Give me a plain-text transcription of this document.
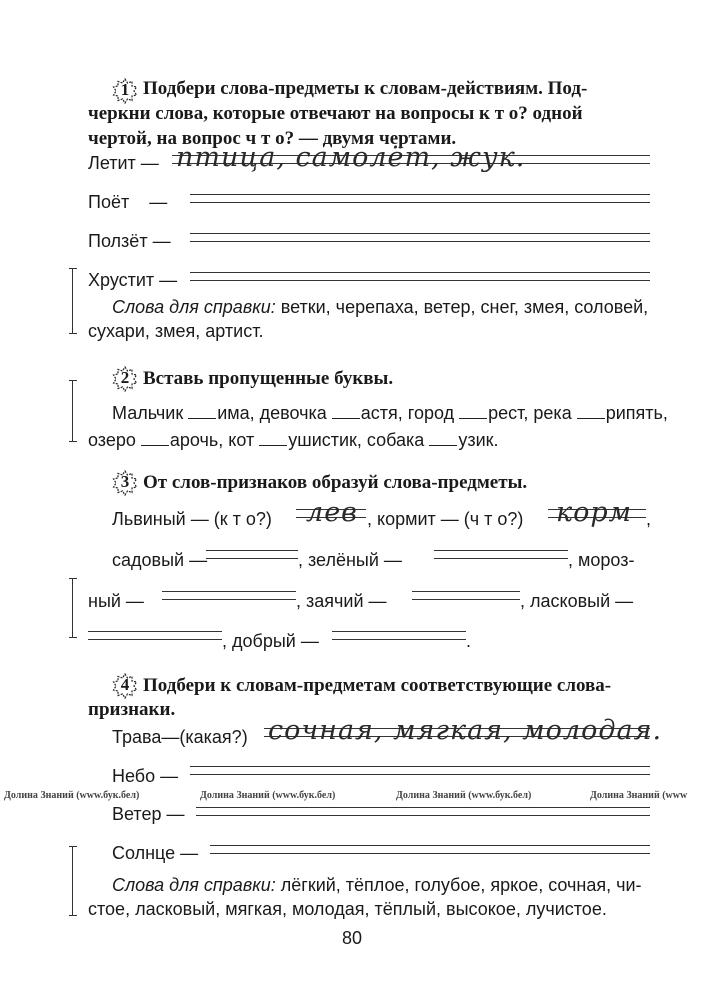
1 Подбери слова-предметы к словам-действиям. Под-
черкни слова, которые отвечают на вопросы к т о? одной
чертой, на вопрос ч т о? — двумя чертами.
Летит — птица, самолёт, жук.
Поёт    —
Ползёт —
Хрустит —
Слова для справки: ветки, черепаха, ветер, снег, змея, соловей,
сухари, змея, артист.
2 Вставь пропущенные буквы.
Мальчик има, девочка астя, город рест, река рипять,
озеро арочь, кот ушистик, собака узик.
3 От слов-признаков образуй слова-предметы.
Львиный — (к т о?) лев , кормит — (ч т о?) корм ,
садовый —	, зелёный —	, мороз-
ный —	, заячий —	, ласковый —
, добрый —	.
4 Подбери к словам-предметам соответствующие слова-
признаки.
Трава—(какая?) сочная, мягкая, молодая.
Небо —
Долина Знаний (www.бук.бел)	Долина Знаний (www.бук.бел)	Долина Знаний (www.бук.бел)	Долина Знаний (www
Ветер —
Солнце —
Слова для справки: лёгкий, тёплое, голубое, яркое, сочная, чи-
стое, ласковый, мягкая, молодая, тёплый, высокое, лучистое.
80
